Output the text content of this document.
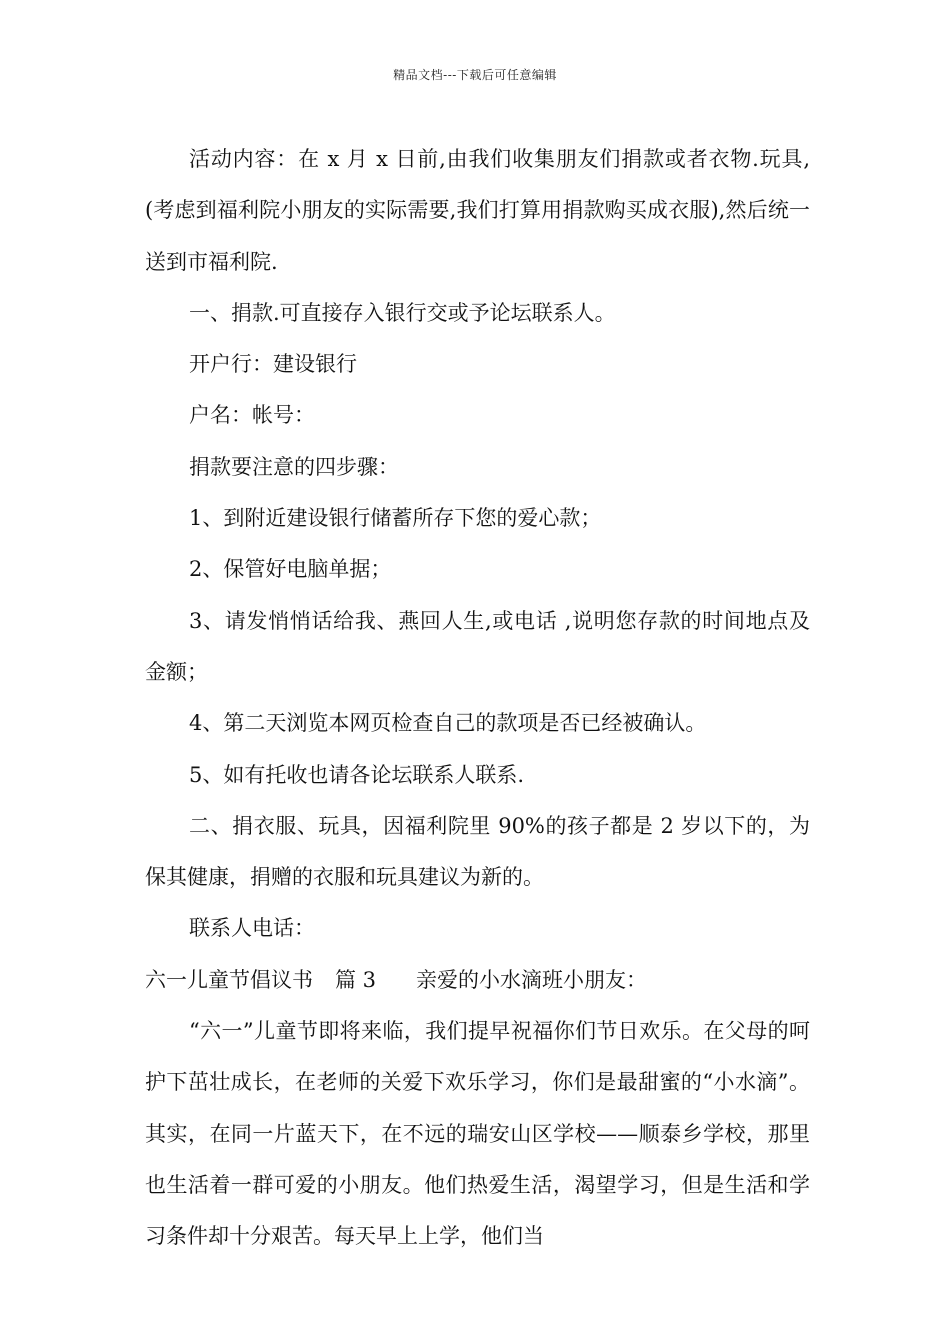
精品文档---下载后可任意编辑

活动内容：在 x 月 x 日前,由我们收集朋友们捐款或者衣物.玩具,(考虑到福利院小朋友的实际需要,我们打算用捐款购买成衣服),然后统一送到市福利院.

一、捐款.可直接存入银行交或予论坛联系人。

开户行：建设银行

户名：帐号：

捐款要注意的四步骤：

1、到附近建设银行储蓄所存下您的爱心款；

2、保管好电脑单据；

3、请发悄悄话给我、燕回人生,或电话 ,说明您存款的时间地点及金额；

4、第二天浏览本网页检查自己的款项是否已经被确认。

5、如有托收也请各论坛联系人联系.

二、捐衣服、玩具，因福利院里 90%的孩子都是 2 岁以下的，为保其健康，捐赠的衣服和玩具建议为新的。

联系人电话：

六一儿童节倡议书 篇 3 亲爱的小水滴班小朋友：

“六一”儿童节即将来临，我们提早祝福你们节日欢乐。在父母的呵护下茁壮成长，在老师的关爱下欢乐学习，你们是最甜蜜的“小水滴”。其实，在同一片蓝天下，在不远的瑞安山区学校——顺泰乡学校，那里也生活着一群可爱的小朋友。他们热爱生活，渴望学习，但是生活和学习条件却十分艰苦。每天早上上学，他们当
